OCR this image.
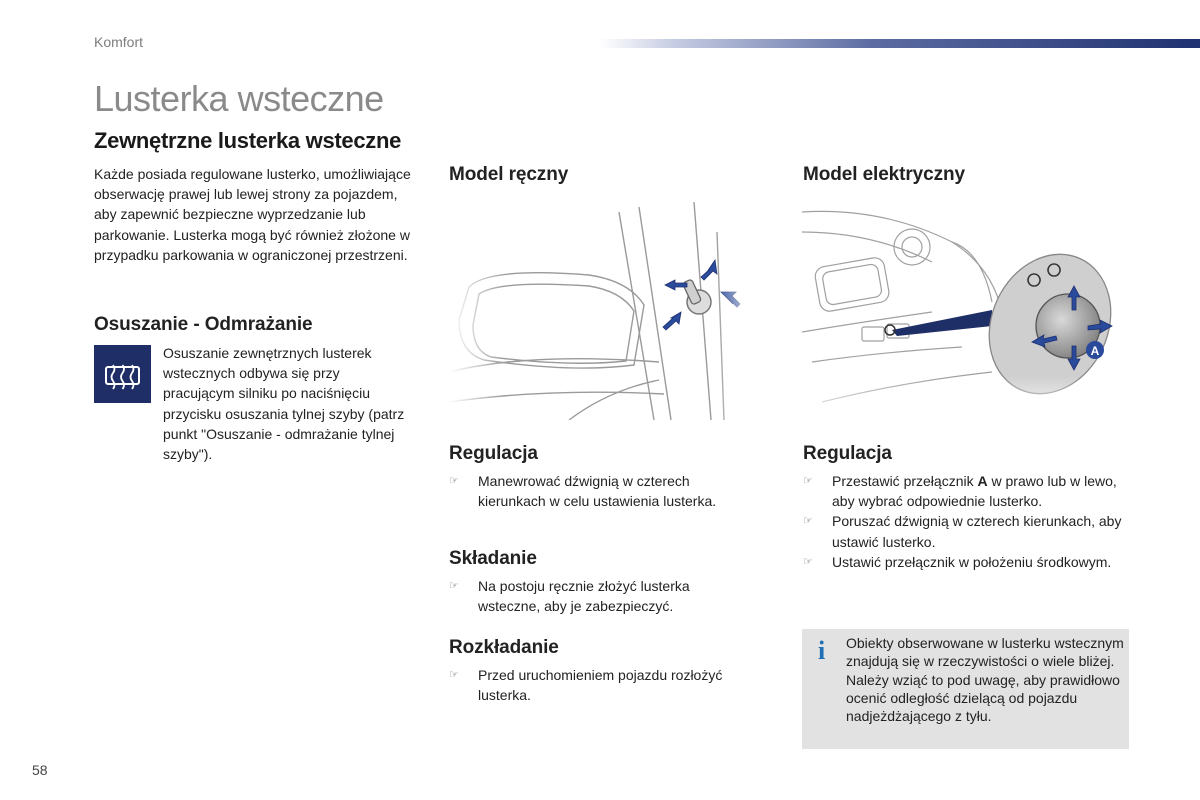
Komfort
Lusterka wsteczne
Zewnętrzne lusterka wsteczne
Każde posiada regulowane lusterko, umożliwiające obserwację prawej lub lewej strony za pojazdem, aby zapewnić bezpieczne wyprzedzanie lub parkowanie. Lusterka mogą być również złożone w przypadku parkowania w ograniczonej przestrzeni.
Osuszanie - Odmrażanie
Osuszanie zewnętrznych lusterek wstecznych odbywa się przy pracującym silniku po naciśnięciu przycisku osuszania tylnej szyby (patrz punkt "Osuszanie - odmrażanie tylnej szyby").
Model ręczny
Regulacja
☞ Manewrować dźwignią w czterech kierunkach w celu ustawienia lusterka.
Składanie
☞ Na postoju ręcznie złożyć lusterka wsteczne, aby je zabezpieczyć.
Rozkładanie
☞ Przed uruchomieniem pojazdu rozłożyć lusterka.
Model elektryczny
Regulacja
☞ Przestawić przełącznik A w prawo lub w lewo, aby wybrać odpowiednie lusterko.
☞ Poruszać dźwignią w czterech kierunkach, aby ustawić lusterko.
☞ Ustawić przełącznik w położeniu środkowym.
i Obiekty obserwowane w lusterku wstecznym znajdują się w rzeczywistości o wiele bliżej.
Należy wziąć to pod uwagę, aby prawidłowo ocenić odległość dzielącą od pojazdu nadjeżdżającego z tyłu.
58
